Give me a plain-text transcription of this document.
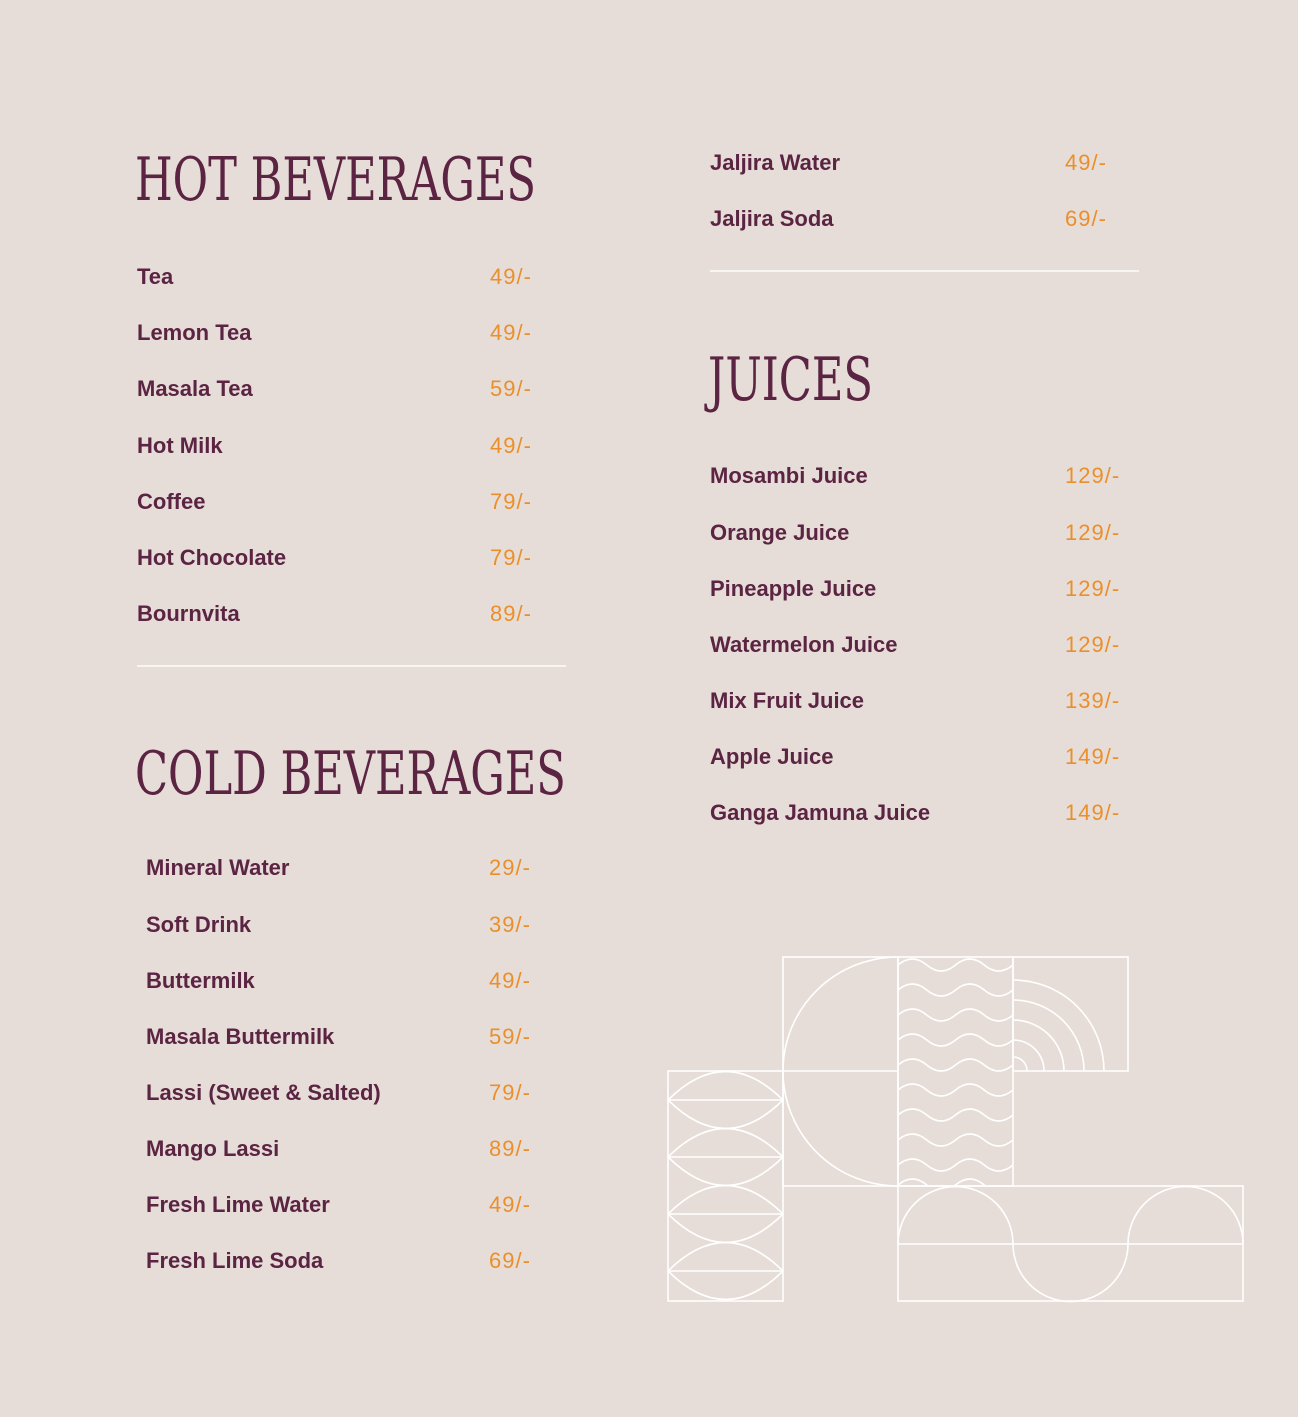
HOT BEVERAGES
Tea	49/-
Lemon Tea	49/-
Masala Tea	59/-
Hot Milk	49/-
Coffee	79/-
Hot Chocolate	79/-
Bournvita	89/-
COLD BEVERAGES
Mineral Water	29/-
Soft Drink	39/-
Buttermilk	49/-
Masala Buttermilk	59/-
Lassi (Sweet & Salted)	79/-
Mango Lassi	89/-
Fresh Lime Water	49/-
Fresh Lime Soda	69/-
Jaljira Water	49/-
Jaljira Soda	69/-
JUICES
Mosambi Juice	129/-
Orange Juice	129/-
Pineapple Juice	129/-
Watermelon Juice	129/-
Mix Fruit Juice	139/-
Apple Juice	149/-
Ganga Jamuna Juice	149/-
